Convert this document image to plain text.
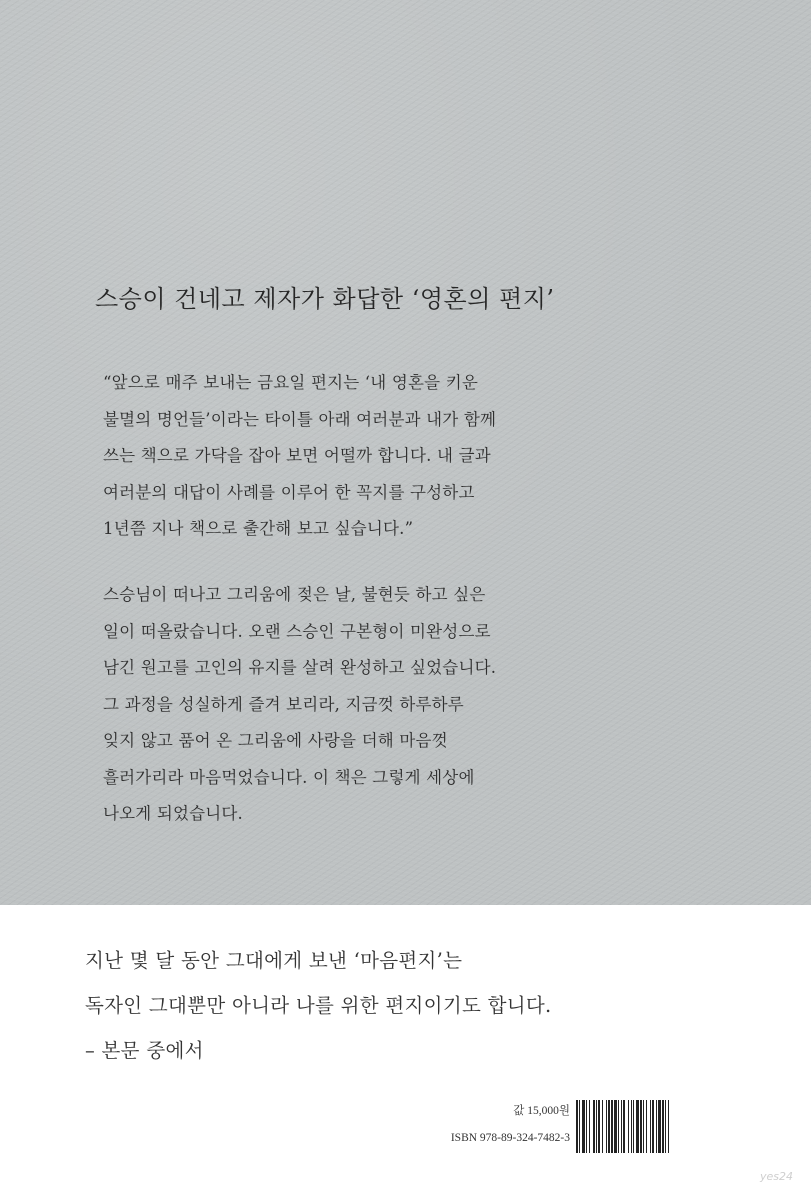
스승이 건네고 제자가 화답한 ‘영혼의 편지’

“앞으로 매주 보내는 금요일 편지는 ‘내 영혼을 키운
불멸의 명언들’이라는 타이틀 아래 여러분과 내가 함께
쓰는 책으로 가닥을 잡아 보면 어떨까 합니다. 내 글과
여러분의 대답이 사례를 이루어 한 꼭지를 구성하고
1년쯤 지나 책으로 출간해 보고 싶습니다.”

스승님이 떠나고 그리움에 젖은 날, 불현듯 하고 싶은
일이 떠올랐습니다. 오랜 스승인 구본형이 미완성으로
남긴 원고를 고인의 유지를 살려 완성하고 싶었습니다.
그 과정을 성실하게 즐겨 보리라, 지금껏 하루하루
잊지 않고 품어 온 그리움에 사랑을 더해 마음껏
흘러가리라 마음먹었습니다. 이 책은 그렇게 세상에
나오게 되었습니다.

지난 몇 달 동안 그대에게 보낸 ‘마음편지’는
독자인 그대뿐만 아니라 나를 위한 편지이기도 합니다.
– 본문 중에서

값 15,000원
ISBN 978-89-324-7482-3
yes24
